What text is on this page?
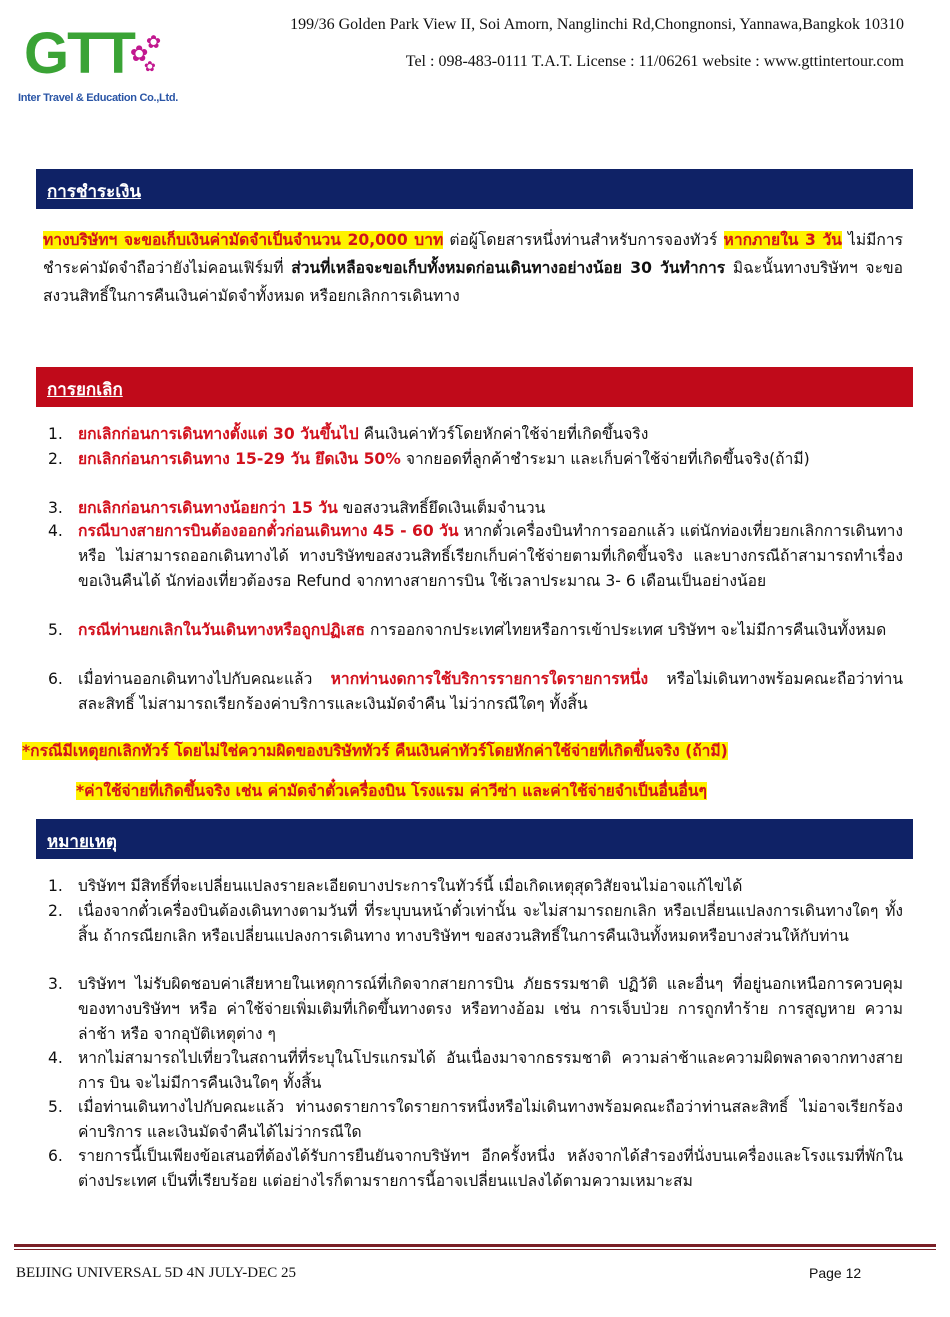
GTT
✿
✿
✿
Inter Travel & Education Co.,Ltd.
199/36 Golden Park View II, Soi Amorn, Nanglinchi Rd,Chongnonsi, Yannawa,Bangkok 10310
Tel : 098-483-0111 T.A.T. License : 11/06261 website : www.gttintertour.com
การชำระเงิน
ทางบริษัทฯ จะขอเก็บเงินค่ามัดจำเป็นจำนวน 20,000 บาท ต่อผู้โดยสารหนึ่งท่านสำหรับการจองทัวร์ หากภายใน 3 วัน ไม่มีการชำระค่ามัดจำถือว่ายังไม่คอนเฟิร์มที่ ส่วนที่เหลือจะขอเก็บทั้งหมดก่อนเดินทางอย่างน้อย 30 วันทำการ มิฉะนั้นทางบริษัทฯ จะขอสงวนสิทธิ์ในการคืนเงินค่ามัดจำทั้งหมด หรือยกเลิกการเดินทาง
การยกเลิก
1. ยกเลิกก่อนการเดินทางตั้งแต่ 30 วันขึ้นไป คืนเงินค่าทัวร์โดยหักค่าใช้จ่ายที่เกิดขึ้นจริง
2. ยกเลิกก่อนการเดินทาง 15-29 วัน ยึดเงิน 50% จากยอดที่ลูกค้าชำระมา และเก็บค่าใช้จ่ายที่เกิดขึ้นจริง(ถ้ามี)
3. ยกเลิกก่อนการเดินทางน้อยกว่า 15 วัน ขอสงวนสิทธิ์ยึดเงินเต็มจำนวน
4. กรณีบางสายการบินต้องออกตั๋วก่อนเดินทาง 45 - 60 วัน หากตั๋วเครื่องบินทำการออกแล้ว แต่นักท่องเที่ยวยกเลิกการเดินทาง หรือ ไม่สามารถออกเดินทางได้ ทางบริษัทขอสงวนสิทธิ์เรียกเก็บค่าใช้จ่ายตามที่เกิดขึ้นจริง และบางกรณีถ้าสามารถทำเรื่องขอเงินคืนได้ นักท่องเที่ยวต้องรอ Refund จากทางสายการบิน ใช้เวลาประมาณ 3- 6 เดือนเป็นอย่างน้อย
5. กรณีท่านยกเลิกในวันเดินทางหรือถูกปฏิเสธ การออกจากประเทศไทยหรือการเข้าประเทศ บริษัทฯ จะไม่มีการคืนเงินทั้งหมด
6. เมื่อท่านออกเดินทางไปกับคณะแล้ว หากท่านงดการใช้บริการรายการใดรายการหนึ่ง หรือไม่เดินทางพร้อมคณะถือว่าท่านสละสิทธิ์ ไม่สามารถเรียกร้องค่าบริการและเงินมัดจำคืน ไม่ว่ากรณีใดๆ ทั้งสิ้น
*กรณีมีเหตุยกเลิกทัวร์ โดยไม่ใช่ความผิดของบริษัททัวร์ คืนเงินค่าทัวร์โดยหักค่าใช้จ่ายที่เกิดขึ้นจริง (ถ้ามี)
*ค่าใช้จ่ายที่เกิดขึ้นจริง เช่น ค่ามัดจำตั๋วเครื่องบิน โรงแรม ค่าวีซ่า และค่าใช้จ่ายจำเป็นอื่นอื่นๆ
หมายเหตุ
1. บริษัทฯ มีสิทธิ์ที่จะเปลี่ยนแปลงรายละเอียดบางประการในทัวร์นี้ เมื่อเกิดเหตุสุดวิสัยจนไม่อาจแก้ไขได้
2. เนื่องจากตั๋วเครื่องบินต้องเดินทางตามวันที่ ที่ระบุบนหน้าตั๋วเท่านั้น จะไม่สามารถยกเลิก หรือเปลี่ยนแปลงการเดินทางใดๆ ทั้งสิ้น ถ้ากรณียกเลิก หรือเปลี่ยนแปลงการเดินทาง ทางบริษัทฯ ขอสงวนสิทธิ์ในการคืนเงินทั้งหมดหรือบางส่วนให้กับท่าน
3. บริษัทฯ ไม่รับผิดชอบค่าเสียหายในเหตุการณ์ที่เกิดจากสายการบิน ภัยธรรมชาติ ปฏิวัติ และอื่นๆ ที่อยู่นอกเหนือการควบคุม ของทางบริษัทฯ หรือ ค่าใช้จ่ายเพิ่มเติมที่เกิดขึ้นทางตรง หรือทางอ้อม เช่น การเจ็บป่วย การถูกทำร้าย การสูญหาย ความล่าช้า หรือ จากอุบัติเหตุต่าง ๆ
4. หากไม่สามารถไปเที่ยวในสถานที่ที่ระบุในโปรแกรมได้ อันเนื่องมาจากธรรมชาติ ความล่าช้าและความผิดพลาดจากทางสายการ บิน จะไม่มีการคืนเงินใดๆ ทั้งสิ้น
5. เมื่อท่านเดินทางไปกับคณะแล้ว ท่านงดรายการใดรายการหนึ่งหรือไม่เดินทางพร้อมคณะถือว่าท่านสละสิทธิ์ ไม่อาจเรียกร้องค่าบริการ และเงินมัดจำคืนได้ไม่ว่ากรณีใด
6. รายการนี้เป็นเพียงข้อเสนอที่ต้องได้รับการยืนยันจากบริษัทฯ อีกครั้งหนึ่ง หลังจากได้สำรองที่นั่งบนเครื่องและโรงแรมที่พักในต่างประเทศ เป็นที่เรียบร้อย แต่อย่างไรก็ตามรายการนี้อาจเปลี่ยนแปลงได้ตามความเหมาะสม
BEIJING UNIVERSAL 5D 4N JULY-DEC 25	Page 12
